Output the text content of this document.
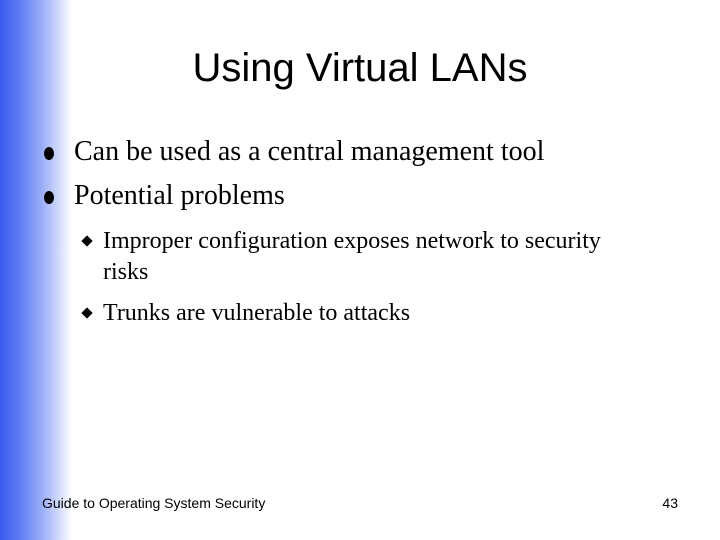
Using Virtual LANs
Can be used as a central management tool
Potential problems
Improper configuration exposes network to security risks
Trunks are vulnerable to attacks
Guide to Operating System Security	43
